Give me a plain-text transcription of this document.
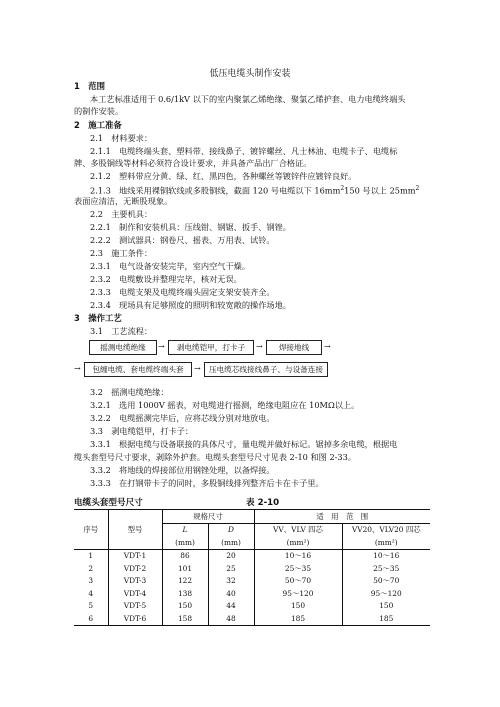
低压电缆头制作安装
1　范围
本工艺标准适用于 0.6/1kV 以下的室内聚氯乙烯绝缘、聚氯乙烯护套、电力电缆终端头
的制作安装。
2　施工准备
2.1　材料要求：
2.1.1　电缆终端头套、塑料带、接线鼻子、镀锌螺丝、凡士林油、电缆卡子、电缆标
牌、多股铜线等材料必须符合设计要求，并具备产品出厂合格证。
2.1.2　塑料带应分黄、绿、红、黑四色，各种螺丝等镀锌件应镀锌良好。
2.1.3　地线采用裸铜软线或多股铜线，截面 120 号电缆以下 $16mm^2150$ 号以上 $25mm^2$
表面应清洁，无断股现象。
2.2　主要机具：
2.2.1　制作和安装机具：压线钳、钢锯、扳手、钢锉。
2.2.2　测试器具：钢卷尺、摇表、万用表、试铃。
2.3　施工条件：
2.3.1　电气设备安装完毕，室内空气干燥。
2.3.2　电缆敷设并整理完毕，核对无误。
2.3.3　电缆支架及电缆终端头固定支架安装齐全。
2.3.4　现场具有足够照度的照明和较宽敞的操作场地。
3　操作工艺
3.1　工艺流程：
摇测电缆绝缘	→	剥电缆铠甲，打卡子	→	焊接地线	→
→	包缠电缆、套电缆终端头套	→	压电缆芯线接线鼻子、与设备连接
3.2　摇测电缆绝缘：
3.2.1　选用 1000V 摇表，对电缆进行摇测，绝缘电阻应在 10MΩ以上。
3.2.2　电缆摇测完毕后，应将芯线分别对地放电。
3.3　剥电缆铠甲，打卡子：
3.3.1　根据电缆与设备联接的具体尺寸，量电缆并做好标记。锯掉多余电缆，根据电
电缆头套型号尺寸	表 2-10
序号	型号	规格尺寸		适　用　范　围	
		L	D	VV、VLV 四芯	VV20、VLV20 四芯
		(mm)	(mm)	(mm²)	(mm²)
1	VDT-1	86	20	10～16	10～16
2	VDT-2	101	25	25～35	25～35
3	VDT-3	122	32	50～70	50～70
4	VDT-4	138	40	95～120	95～120
5	VDT-5	150	44	150	150
6	VDT-6	158	48	185	185
缆头套型号尺寸要求，剥除外护套。电缆头套型号尺寸见表 2-10 和图 2-33。
3.3.2　将地线的焊接部位用钢锉处理，以备焊接。
3.3.3　在打钢带卡子的同时，多股铜线排列整齐后卡在卡子里。
